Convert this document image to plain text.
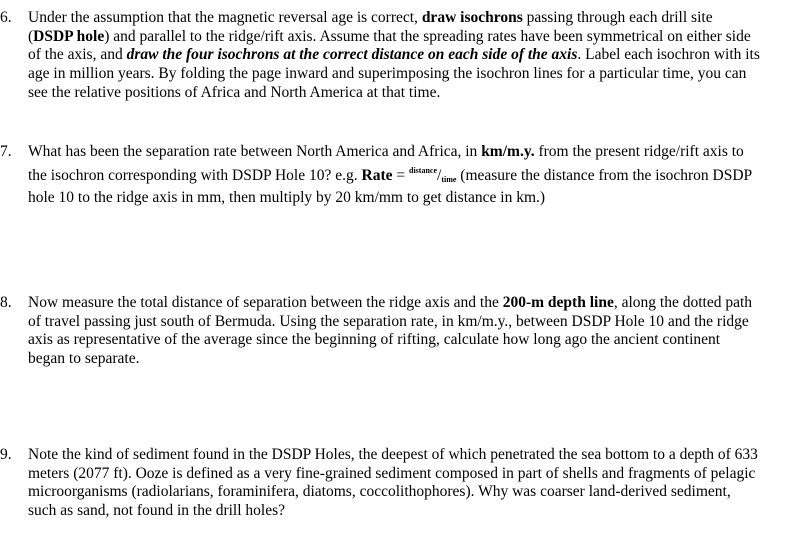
6.	Under the assumption that the magnetic reversal age is correct, draw isochrons passing through each drill site (DSDP hole) and parallel to the ridge/rift axis. Assume that the spreading rates have been symmetrical on either side of the axis, and draw the four isochrons at the correct distance on each side of the axis. Label each isochron with its age in million years. By folding the page inward and superimposing the isochron lines for a particular time, you can see the relative positions of Africa and North America at that time.
7.	What has been the separation rate between North America and Africa, in km/m.y. from the present ridge/rift axis to the isochron corresponding with DSDP Hole 10? e.g. Rate = $^{distance}/_{time}$ (measure the distance from the isochron DSDP hole 10 to the ridge axis in mm, then multiply by 20 km/mm to get distance in km.)
8.	Now measure the total distance of separation between the ridge axis and the 200-m depth line, along the dotted path of travel passing just south of Bermuda. Using the separation rate, in km/m.y., between DSDP Hole 10 and the ridge axis as representative of the average since the beginning of rifting, calculate how long ago the ancient continent began to separate.
9.	Note the kind of sediment found in the DSDP Holes, the deepest of which penetrated the sea bottom to a depth of 633 meters (2077 ft). Ooze is defined as a very fine-grained sediment composed in part of shells and fragments of pelagic microorganisms (radiolarians, foraminifera, diatoms, coccolithophores). Why was coarser land-derived sediment, such as sand, not found in the drill holes?
